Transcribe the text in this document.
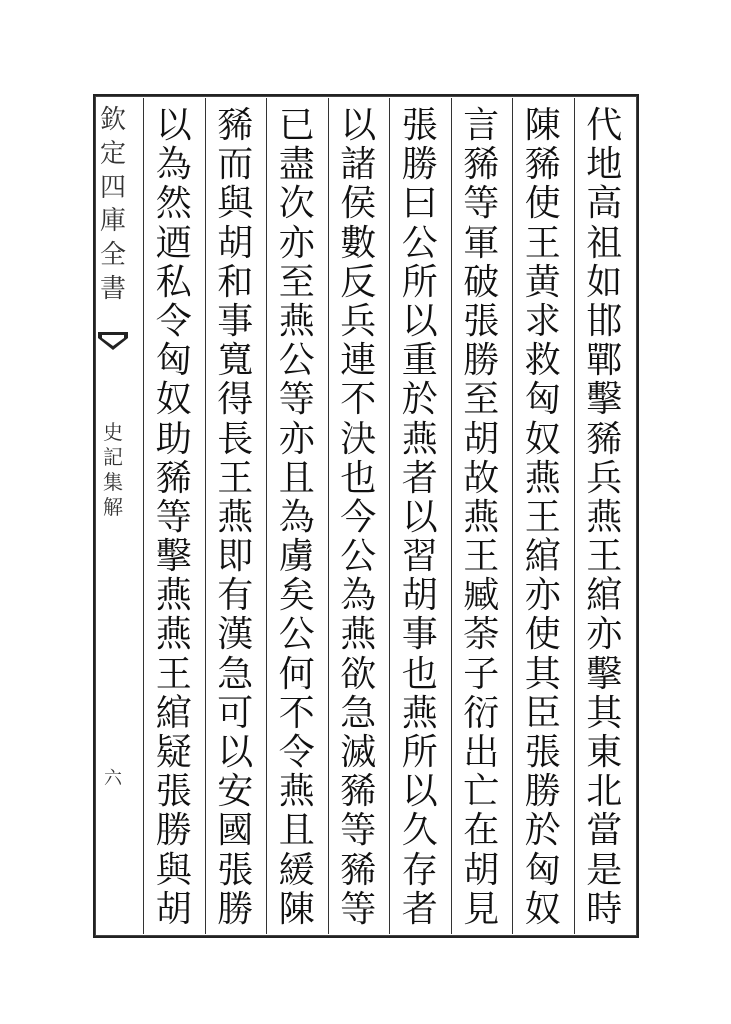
欽
定
四
庫
全
書
史
記
集
解
六
代
地
高
祖
如
邯
鄲
擊
豨
兵
燕
王
綰
亦
擊
其
東
北
當
是
時
陳
豨
使
王
黄
求
救
匈
奴
燕
王
綰
亦
使
其
臣
張
勝
於
匈
奴
言
豨
等
軍
破
張
勝
至
胡
故
燕
王
臧
荼
子
衍
出
亡
在
胡
見
張
勝
曰
公
所
以
重
於
燕
者
以
習
胡
事
也
燕
所
以
久
存
者
以
諸
侯
數
反
兵
連
不
決
也
今
公
為
燕
欲
急
滅
豨
等
豨
等
已
盡
次
亦
至
燕
公
等
亦
且
為
虜
矣
公
何
不
令
燕
且
緩
陳
豨
而
與
胡
和
事
寬
得
長
王
燕
即
有
漢
急
可
以
安
國
張
勝
以
為
然
迺
私
令
匈
奴
助
豨
等
擊
燕
燕
王
綰
疑
張
勝
與
胡
